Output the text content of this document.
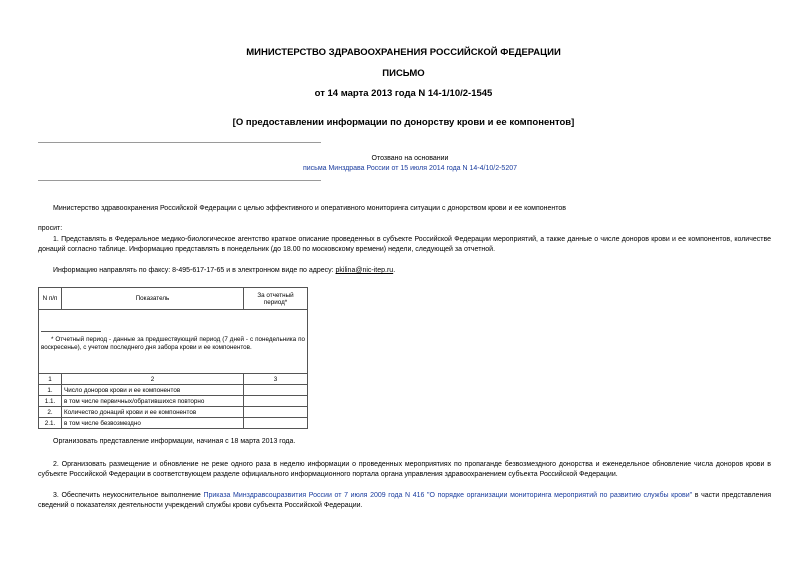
МИНИСТЕРСТВО ЗДРАВООХРАНЕНИЯ РОССИЙСКОЙ ФЕДЕРАЦИИ
ПИСЬМО
от 14 марта 2013 года N 14-1/10/2-1545
[О предоставлении информации по донорству крови и ее компонентов]
Отозвано на основании
письма Минздрава России от 15 июля 2014 года N 14-4/10/2-5207
Министерство здравоохранения Российской Федерации с целью эффективного и оперативного мониторинга ситуации с донорством крови и ее компонентов
просит:
1. Представлять в Федеральное медико-биологическое агентство краткое описание проведенных в субъекте Российской Федерации мероприятий, а также данные о числе доноров крови и ее компонентов, количестве донаций согласно таблице. Информацию представлять в понедельник (до 18.00 по московскому времени) недели, следующей за отчетной.
Информацию направлять по факсу: 8-495-617-17-65 и в электронном виде по адресу: pkilina@nic-itep.ru.
N п/п	Показатель	За отчетный период*

* Отчетный период - данные за предшествующий период (7 дней - с понедельника по воскресенье), с учетом последнего дня забора крови и ее компонентов.		

1	2	3
1.	Число доноров крови и ее компонентов	
1.1.	в том числе первичных/обратившихся повторно	
2.	Количество донаций крови и ее компонентов	
2.1.	в том числе безвозмездно	
Организовать представление информации, начиная с 18 марта 2013 года.
2. Организовать размещение и обновление не реже одного раза в неделю информации о проведенных мероприятиях по пропаганде безвозмездного донорства и еженедельное обновление числа доноров крови в субъекте Российской Федерации в соответствующем разделе официального информационного портала органа управления здравоохранением субъекта Российской Федерации.
3. Обеспечить неукоснительное выполнение Приказа Минздравсоцразвития России от 7 июля 2009 года N 416 "О порядке организации мониторинга мероприятий по развитию службы крови" в части представления сведений о показателях деятельности учреждений службы крови субъекта Российской Федерации.
